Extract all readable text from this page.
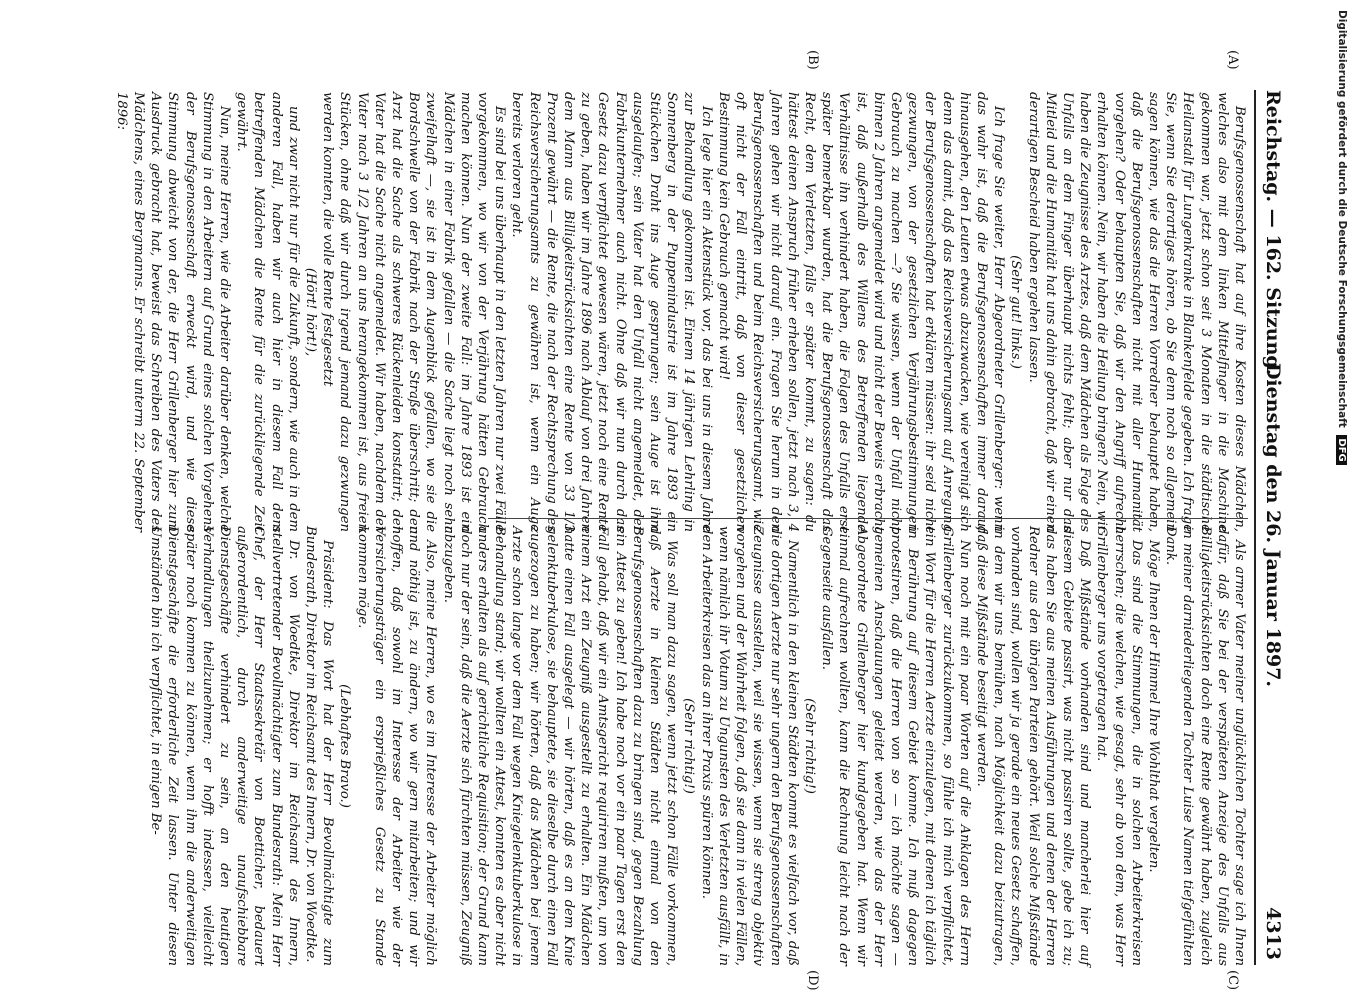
Reichstag. — 162. Sitzung.
Dienstag den 26. Januar 1897.
4313
(A)
(B)
(C)
(D)

Berufsgenossenschaft hat auf ihre Kosten dieses Mädchen, welches also mit dem linken Mittelfinger in die Maschine gekommen war, jetzt schon seit 3 Monaten in die städtische Heilanstalt für Lungenkranke in Blankenfelde gegeben. Ich frage Sie, wenn Sie derartiges hören, ob Sie denn noch so allgemein sagen können, wie das die Herren Vorredner behauptet haben, daß die Berufsgenossenschaften nicht mit aller Humanität vorgehen? Oder behaupten Sie, daß wir den Angriff aufrecht erhalten können. Nein, wir haben die Heilung bringen? Nein, wir haben die Zeugnisse des Arztes, daß dem Mädchen als Folge des Unfalls an dem Finger überhaupt nichts fehlt; aber nur das Mitleid und die Humanität hat uns dahin gebracht, daß wir einen derartigen Bescheid haben ergehen lassen.

(Sehr gut! links.)

Ich frage Sie weiter, Herr Abgeordneter Grillenberger: wenn das wahr ist, daß die Berufsgenossenschaften immer darauf hinausgehen, den Leuten etwas abzuzwacken, wie vereinigt sich denn das damit, daß das Reichsversicherungsamt auf Anregung der Berufsgenossenschaften hat erklären müssen: ihr seid nicht gezwungen, von der gesetzlichen Verjährungsbestimmungen Gebrauch zu machen —? Sie wissen, wenn der Unfall nicht binnen 2 Jahren angemeldet wird und nicht der Beweis erbracht ist, daß außerhalb des Willens des Betreffenden liegende Verhältnisse ihn verhindert haben, die Folgen des Unfalls erst später bemerkbar wurden, hat die Berufsgenossenschaft das Recht, dem Verletzten, falls er später kommt, zu sagen: du hättest deinen Anspruch früher erheben sollen, jetzt nach 3, 4 Jahren gehen wir nicht darauf ein. Fragen Sie herum in den Berufsgenossenschaften und beim Reichsversicherungsamt, wie oft nicht der Fall eintritt, daß von dieser gesetzlichen Bestimmung kein Gebrauch gemacht wird!

Ich lege hier ein Aktenstück vor, das bei uns in diesem Jahre zur Behandlung gekommen ist. Einem 14 jährigen Lehrling in Sonnenberg in der Puppenindustrie ist im Jahre 1893 ein Stückchen Draht ins Auge gesprungen; sein Auge ist ihm ausgelaufen; sein Vater hat den Unfall nicht angemeldet, der Fabrikunternehmer auch nicht. Ohne daß wir nun durch das Gesetz dazu verpflichtet gewesen wären, jetzt noch eine Rente zu geben, haben wir im Jahre 1896 nach Ablauf von drei Jahren dem Mann aus Billigkeitsrücksichten eine Rente von 33 1/3 Prozent gewährt — die Rente, die nach der Rechtsprechung des Reichsversicherungsamts zu gewähren ist, wenn ein Auge bereits verloren geht.

Es sind bei uns überhaupt in den letzten Jahren nur zwei Fälle vorgekommen, wo wir von der Verjährung hätten Gebrauch machen können. Nun der zweite Fall: im Jahre 1893 ist ein Mädchen in einer Fabrik gefallen — die Sache liegt noch sehr zweifelhaft —, sie ist in dem Augenblick gefallen, wo sie die Bordschwelle von der Fabrik nach der Straße überschritt; der Arzt hat die Sache als schweres Rückenleiden konstatirt; der Vater hat die Sache nicht angemeldet. Wir haben, nachdem der Vater nach 3 1/2 Jahren an uns herangekommen ist, aus freien Stücken, ohne daß wir durch irgend jemand dazu gezwungen werden konnten, die volle Rente festgesetzt

(Hört! hört!),

und zwar nicht nur für die Zukunft, sondern, wie auch in dem anderen Fall, haben wir auch hier in diesem Fall dem betreffenden Mädchen die Rente für die zurückliegende Zeit gewährt.

Nun, meine Herren, wie die Arbeiter darüber denken, welche Stimmung in den Arbeitern auf Grund eines solchen Vorgehens der Berufsgenossenschaft erweckt wird, und wie diese Stimmung abweicht von der, die Herr Grillenberger hier zum Ausdruck gebracht hat, beweist das Schreiben des Vaters des Mädchens, eines Bergmanns. Er schreibt unterm 22. September 1896:

Als armer Vater meiner unglücklichen Tochter sage ich Ihnen dafür, daß Sie bei der verspäteten Anzeige des Unfalls aus Billigkeitsrücksichten doch eine Rente gewährt haben, zugleich in meiner darniederliegenden Tochter Luise Namen tiefgefühlten Dank.

Möge Ihnen der Himmel Ihre Wohlthat vergelten.

Das sind die Stimmungen, die in solchen Arbeiterkreisen herrschen; die welchen, wie gesagt, sehr ab von dem, was Herr Grillenberger uns vorgetragen hat.

Daß Mißstände vorhanden sind und mancherlei hier auf diesem Gebiete passirt, was nicht passiren sollte, gebe ich zu; das haben Sie aus meinen Ausführungen und denen der Herren Redner aus den übrigen Parteien gehört. Weil solche Mißstände vorhanden sind, wollen wir ja gerade ein neues Gesetz schaffen, in dem wir uns bemühen, nach Möglichkeit dazu beizutragen, daß diese Mißstände beseitigt werden.

Nun noch mit ein paar Worten auf die Anklagen des Herrn Grillenberger zurückzukommen, so fühle ich mich verpflichtet, ein Wort für die Herren Aerzte einzulegen, mit denen ich täglich in Berührung auf diesem Gebiet komme. Ich muß dagegen protestiren, daß die Herren von so — ich möchte sagen — gemeinen Anschauungen geleitet werden, wie das der Herr Abgeordnete Grillenberger hier kundgegeben hat. Wenn wir einmal aufrechnen wollten, kann die Rechnung leicht nach der Gegenseite ausfallen.

(Sehr richtig!)

Namentlich in den kleinen Städten kommt es vielfach vor, daß die dortigen Aerzte nur sehr ungern den Berufsgenossenschaften Zeugnisse ausstellen, weil sie wissen, wenn sie streng objektiv vorgehen und der Wahrheit folgen, daß sie dann in vielen Fällen, wenn nämlich ihr Votum zu Ungunsten des Verletzten ausfällt, in den Arbeiterkreisen das an ihrer Praxis spüren können.

(Sehr richtig!)

Was soll man dazu sagen, wenn jetzt schon Fälle vorkommen, daß Aerzte in kleinen Städten nicht einmal von den Berufsgenossenschaften dazu zu bringen sind, gegen Bezahlung ein Attest zu geben! Ich habe noch vor ein paar Tagen erst den Fall gehabt, daß wir ein Amtsgericht requiriren mußten, um von einem Arzt ein Zeugniß ausgestellt zu erhalten. Ein Mädchen hatte einen Fall ausgelegt — wir hörten, daß es an dem Knie gelenktuberkulose, sie behauptete, sie dieselbe durch einen Fall zugezogen zu haben; wir hörten, daß das Mädchen bei jenem Arzte schon lange vor dem Fall wegen Kniegelenktuberkulose in Behandlung stand; wir wollten ein Attest, konnten es aber nicht anders erhalten als auf gerichtliche Requisition; der Grund kann doch nur der sein, daß die Aerzte sich fürchten müssen, Zeugniß abzugeben.

Also, meine Herren, wo es im Interesse der Arbeiter möglich und nöthig ist, zu ändern, wo wir gern mitarbeiten; und wir hoffen, daß sowohl im Interesse der Arbeiter wie der Versicherungsträger ein ersprießliches Gesetz zu Stande kommen möge.

(Lebhaftes Bravo.)

Präsident: Das Wort hat der Herr Bevollmächtigte zum Bundesrath, Direktor im Reichsamt des Innern, Dr. von Woedtke.

Dr. von Woedtke, Direktor im Reichsamt des Innern, stellvertretender Bevollmächtigter zum Bundesrath: Mein Herr Chef, der Herr Staatssekretär von Boetticher, bedauert außerordentlich, durch anderweitige unaufschiebbare Dienstgeschäfte verhindert zu sein, an den heutigen Verhandlungen theilzunehmen; er hofft indessen, vielleicht später noch kommen zu können, wenn ihm die anderweitigen Dienstgeschäfte die erforderliche Zeit lassen. Unter diesen Umständen bin ich verpflichtet, in einigen Be-

Digitalisierung gefördert durch die Deutsche Forschungsgemeinschaft DFG
